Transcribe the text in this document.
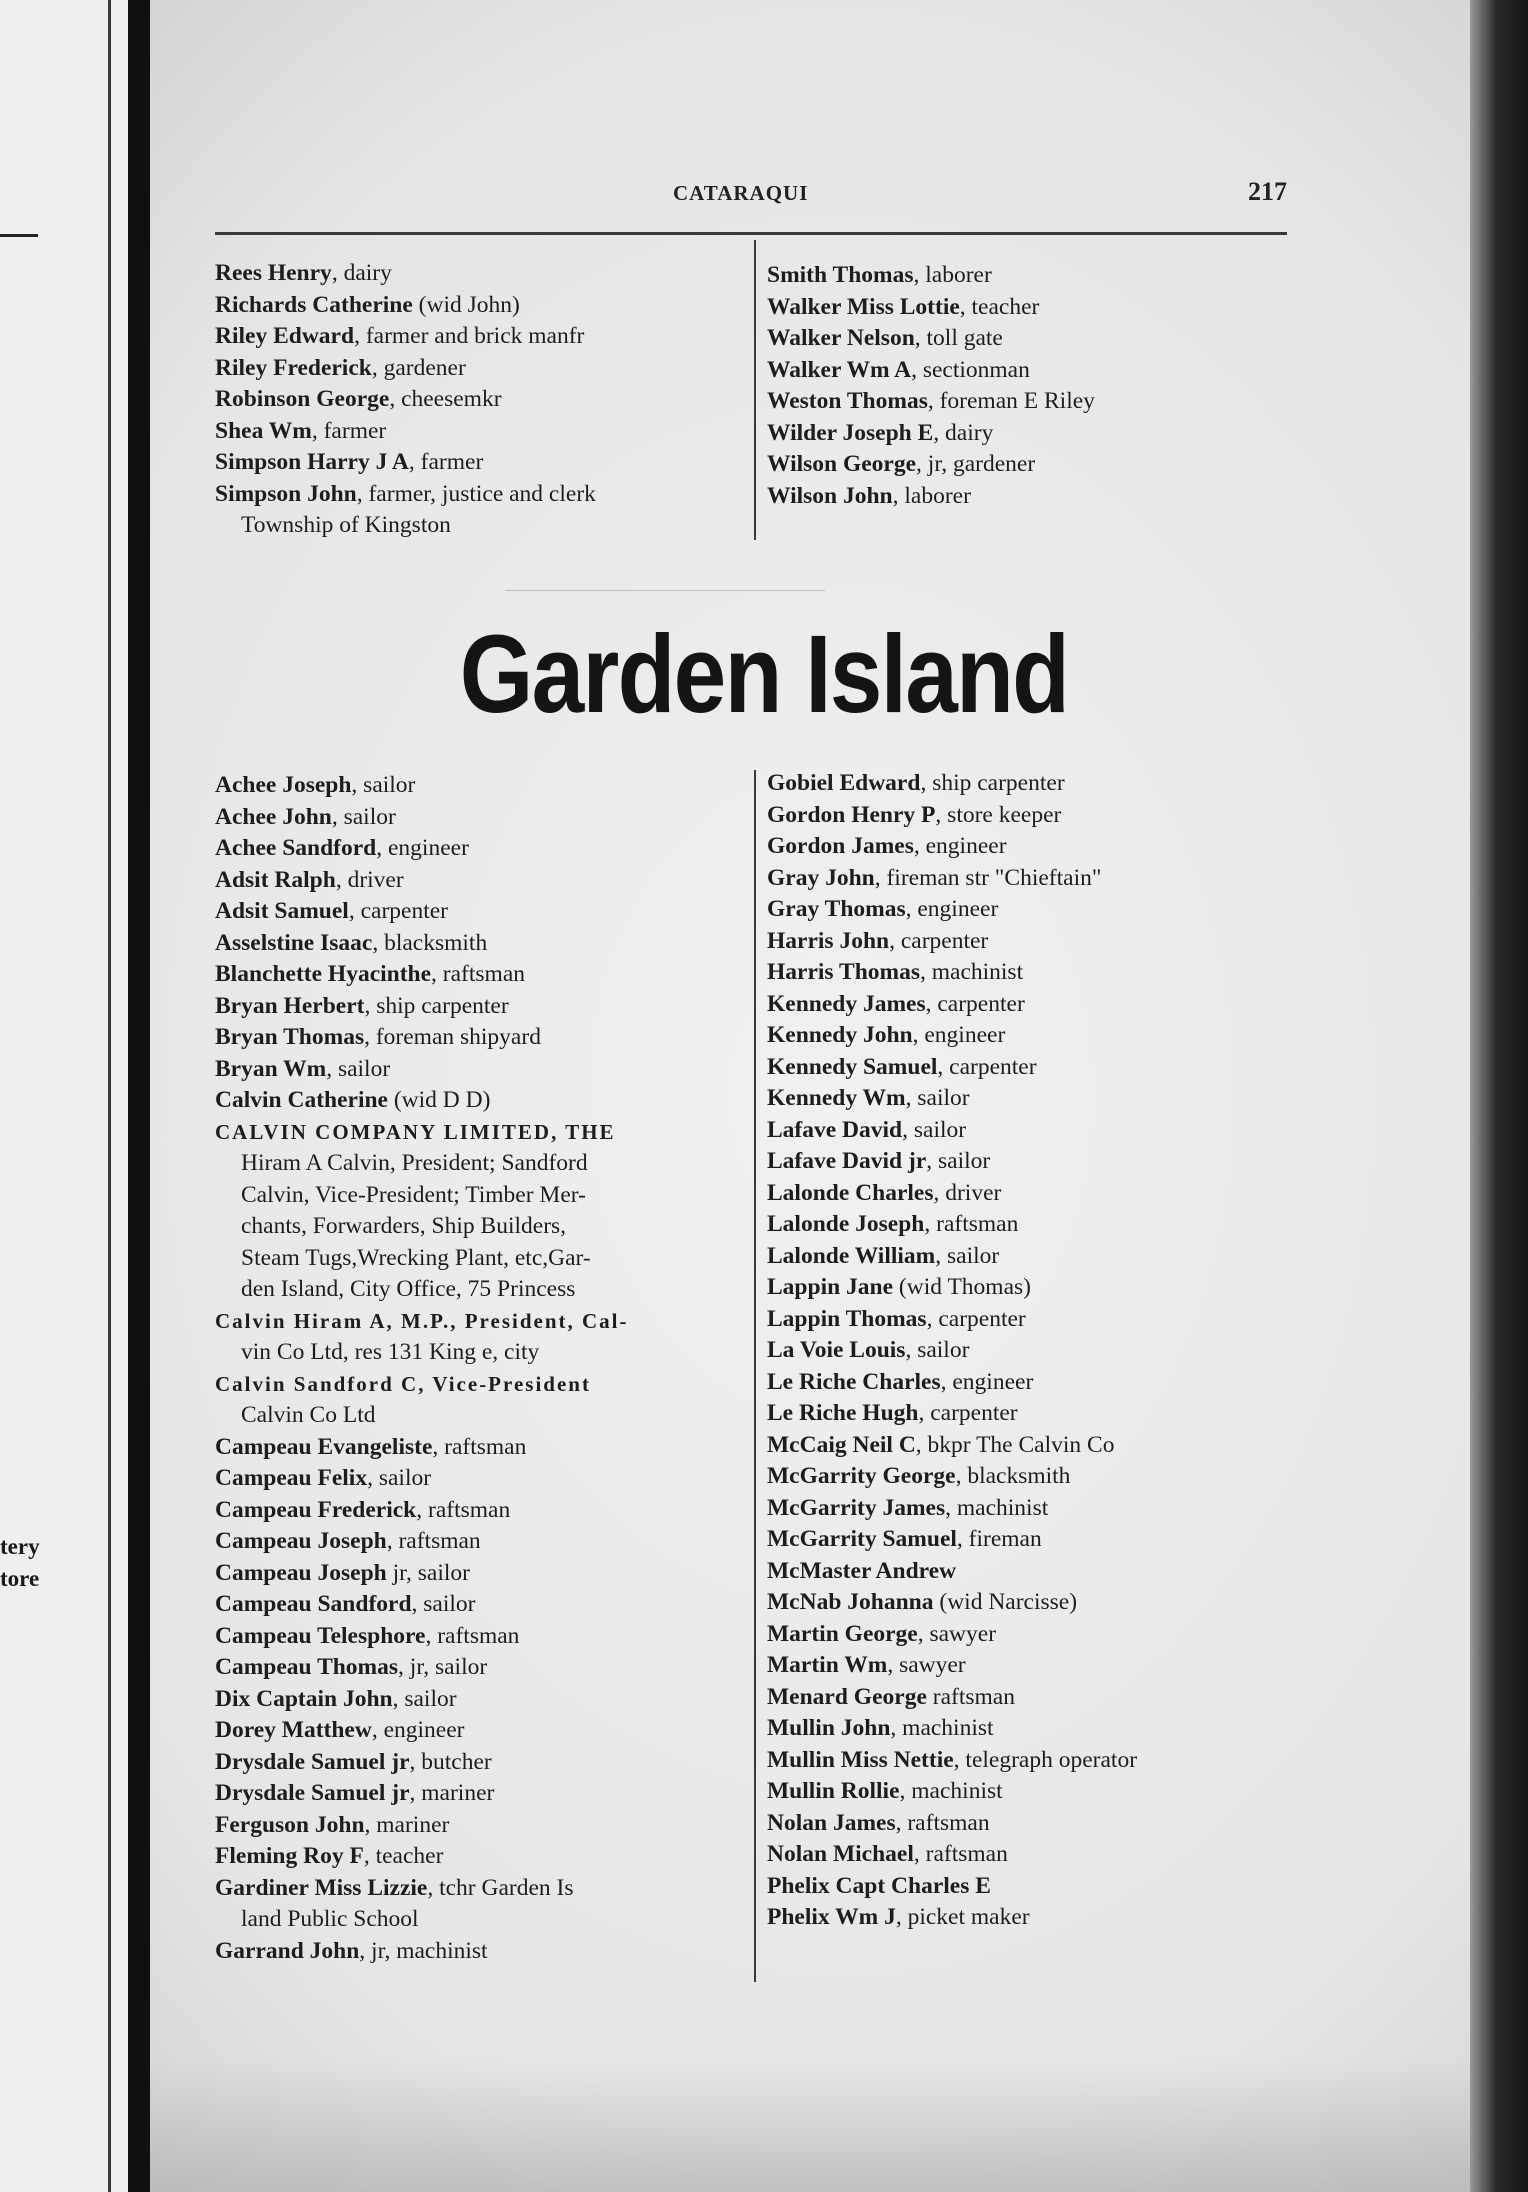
tery
tore
CATARAQUI	217
Rees Henry, dairy
Richards Catherine (wid John)
Riley Edward, farmer and brick manfr
Riley Frederick, gardener
Robinson George, cheesemkr
Shea Wm, farmer
Simpson Harry J A, farmer
Simpson John, farmer, justice and clerk
Township of Kingston
Smith Thomas, laborer
Walker Miss Lottie, teacher
Walker Nelson, toll gate
Walker Wm A, sectionman
Weston Thomas, foreman E Riley
Wilder Joseph E, dairy
Wilson George, jr, gardener
Wilson John, laborer
Garden Island
Achee Joseph, sailor
Achee John, sailor
Achee Sandford, engineer
Adsit Ralph, driver
Adsit Samuel, carpenter
Asselstine Isaac, blacksmith
Blanchette Hyacinthe, raftsman
Bryan Herbert, ship carpenter
Bryan Thomas, foreman shipyard
Bryan Wm, sailor
Calvin Catherine (wid D D)
CALVIN COMPANY LIMITED, THE
Hiram A Calvin, President; Sandford
Calvin, Vice-President; Timber Mer-
chants, Forwarders, Ship Builders,
Steam Tugs,Wrecking Plant, etc,Gar-
den Island, City Office, 75 Princess
Calvin Hiram A, M.P., President, Cal-
vin Co Ltd, res 131 King e, city
Calvin Sandford C, Vice-President
Calvin Co Ltd
Campeau Evangeliste, raftsman
Campeau Felix, sailor
Campeau Frederick, raftsman
Campeau Joseph, raftsman
Campeau Joseph jr, sailor
Campeau Sandford, sailor
Campeau Telesphore, raftsman
Campeau Thomas, jr, sailor
Dix Captain John, sailor
Dorey Matthew, engineer
Drysdale Samuel jr, butcher
Drysdale Samuel jr, mariner
Ferguson John, mariner
Fleming Roy F, teacher
Gardiner Miss Lizzie, tchr Garden Is
land Public School
Garrand John, jr, machinist
Gobiel Edward, ship carpenter
Gordon Henry P, store keeper
Gordon James, engineer
Gray John, fireman str "Chieftain"
Gray Thomas, engineer
Harris John, carpenter
Harris Thomas, machinist
Kennedy James, carpenter
Kennedy John, engineer
Kennedy Samuel, carpenter
Kennedy Wm, sailor
Lafave David, sailor
Lafave David jr, sailor
Lalonde Charles, driver
Lalonde Joseph, raftsman
Lalonde William, sailor
Lappin Jane (wid Thomas)
Lappin Thomas, carpenter
La Voie Louis, sailor
Le Riche Charles, engineer
Le Riche Hugh, carpenter
McCaig Neil C, bkpr The Calvin Co
McGarrity George, blacksmith
McGarrity James, machinist
McGarrity Samuel, fireman
McMaster Andrew
McNab Johanna (wid Narcisse)
Martin George, sawyer
Martin Wm, sawyer
Menard George raftsman
Mullin John, machinist
Mullin Miss Nettie, telegraph operator
Mullin Rollie, machinist
Nolan James, raftsman
Nolan Michael, raftsman
Phelix Capt Charles E
Phelix Wm J, picket maker
